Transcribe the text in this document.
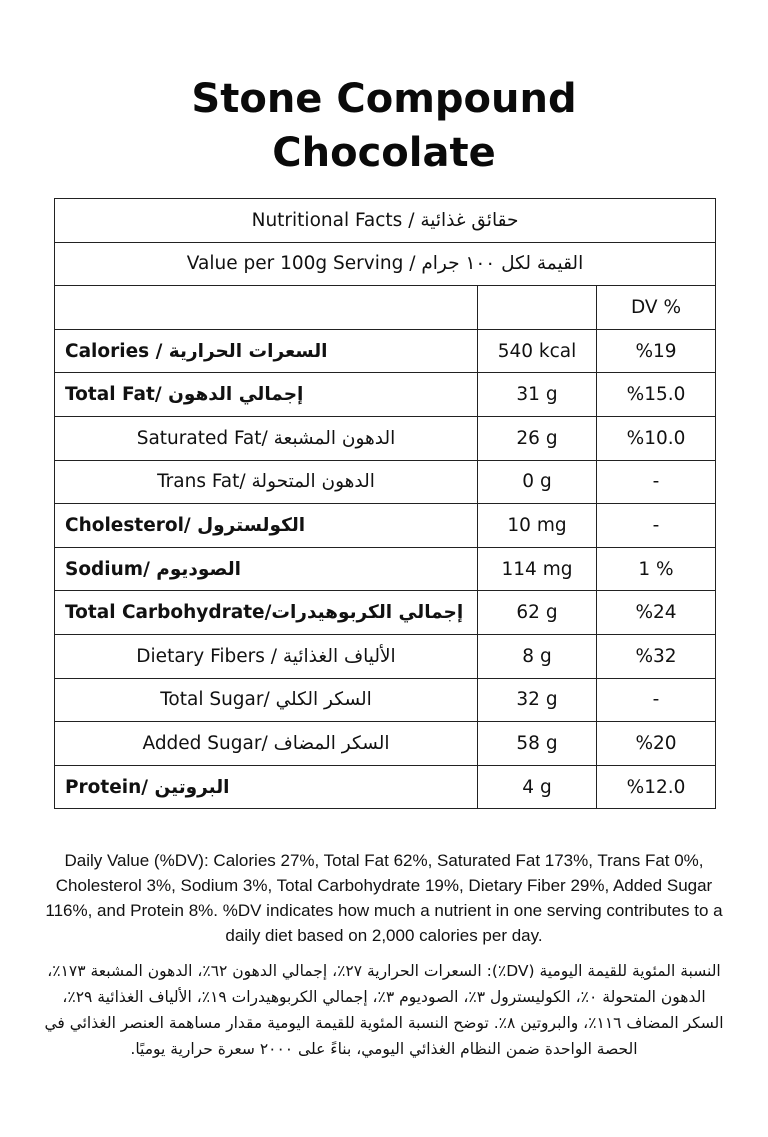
Stone Compound
Chocolate
Nutritional Facts / حقائق غذائية		
Value per 100g Serving / القيمة لكل ١٠٠ جرام		
		DV %
Calories / السعرات الحرارية	540 kcal	%19
Total Fat/ إجمالي الدهون	31 g	%15.0
Saturated Fat/ الدهون المشبعة	26 g	%10.0
Trans Fat/ الدهون المتحولة	0 g	-
Cholesterol/ الكولسترول	10 mg	-
Sodium/ الصوديوم	114 mg	1 %
Total Carbohydrate/إجمالي الكربوهيدرات	62 g	%24
Dietary Fibers / الألياف الغذائية	8 g	%32
Total Sugar/ السكر الكلي	32 g	-
Added Sugar/ السكر المضاف	58 g	%20
Protein/ البروتين	4 g	%12.0

Daily Value (%DV): Calories 27%, Total Fat 62%, Saturated Fat 173%, Trans Fat 0%, Cholesterol 3%, Sodium 3%, Total Carbohydrate 19%, Dietary Fiber 29%, Added Sugar 116%, and Protein 8%. %DV indicates how much a nutrient in one serving contributes to a daily diet based on 2,000 calories per day.

النسبة المئوية للقيمة اليومية (DV٪): السعرات الحرارية ٢٧٪، إجمالي الدهون ٦٢٪، الدهون المشبعة ١٧٣٪، الدهون المتحولة ٠٪، الكوليسترول ٣٪، الصوديوم ٣٪، إجمالي الكربوهيدرات ١٩٪، الألياف الغذائية ٢٩٪، السكر المضاف ١١٦٪، والبروتين ٨٪. توضح النسبة المئوية للقيمة اليومية مقدار مساهمة العنصر الغذائي في الحصة الواحدة ضمن النظام الغذائي اليومي، بناءً على ٢٠٠٠ سعرة حرارية يوميًا.
